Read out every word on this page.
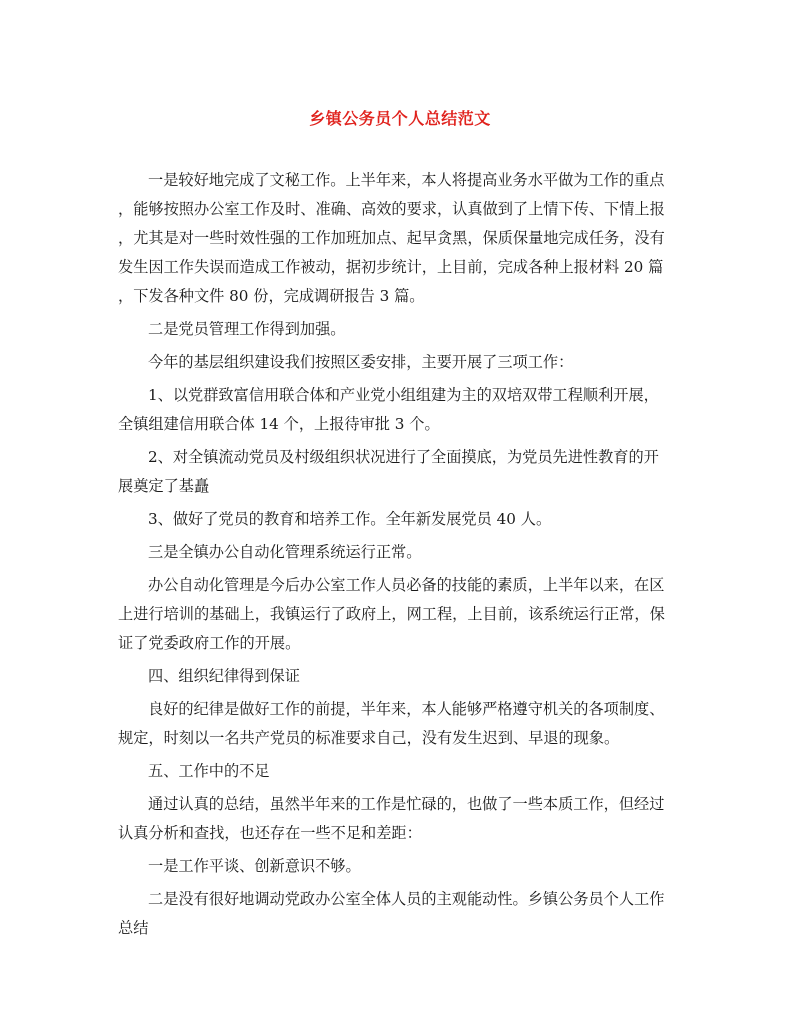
乡镇公务员个人总结范文
一是较好地完成了文秘工作。上半年来，本人将提高业务水平做为工作的重点
，能够按照办公室工作及时、准确、高效的要求，认真做到了上情下传、下情上报
，尤其是对一些时效性强的工作加班加点、起早贪黑，保质保量地完成任务，没有
发生因工作失误而造成工作被动，据初步统计，上目前，完成各种上报材料 20 篇
，下发各种文件 80 份，完成调研报告 3 篇。
二是党员管理工作得到加强。
今年的基层组织建设我们按照区委安排，主要开展了三项工作：
1、以党群致富信用联合体和产业党小组组建为主的双培双带工程顺利开展，
全镇组建信用联合体 14 个，上报待审批 3 个。
2、对全镇流动党员及村级组织状况进行了全面摸底，为党员先进性教育的开
展奠定了基矗
3、做好了党员的教育和培养工作。全年新发展党员 40 人。
三是全镇办公自动化管理系统运行正常。
办公自动化管理是今后办公室工作人员必备的技能的素质，上半年以来，在区
上进行培训的基础上，我镇运行了政府上，网工程，上目前，该系统运行正常，保
证了党委政府工作的开展。
四、组织纪律得到保证
良好的纪律是做好工作的前提，半年来，本人能够严格遵守机关的各项制度、
规定，时刻以一名共产党员的标准要求自己，没有发生迟到、早退的现象。
五、工作中的不足
通过认真的总结，虽然半年来的工作是忙碌的，也做了一些本质工作，但经过
认真分析和查找，也还存在一些不足和差距：
一是工作平谈、创新意识不够。
二是没有很好地调动党政办公室全体人员的主观能动性。乡镇公务员个人工作
总结
